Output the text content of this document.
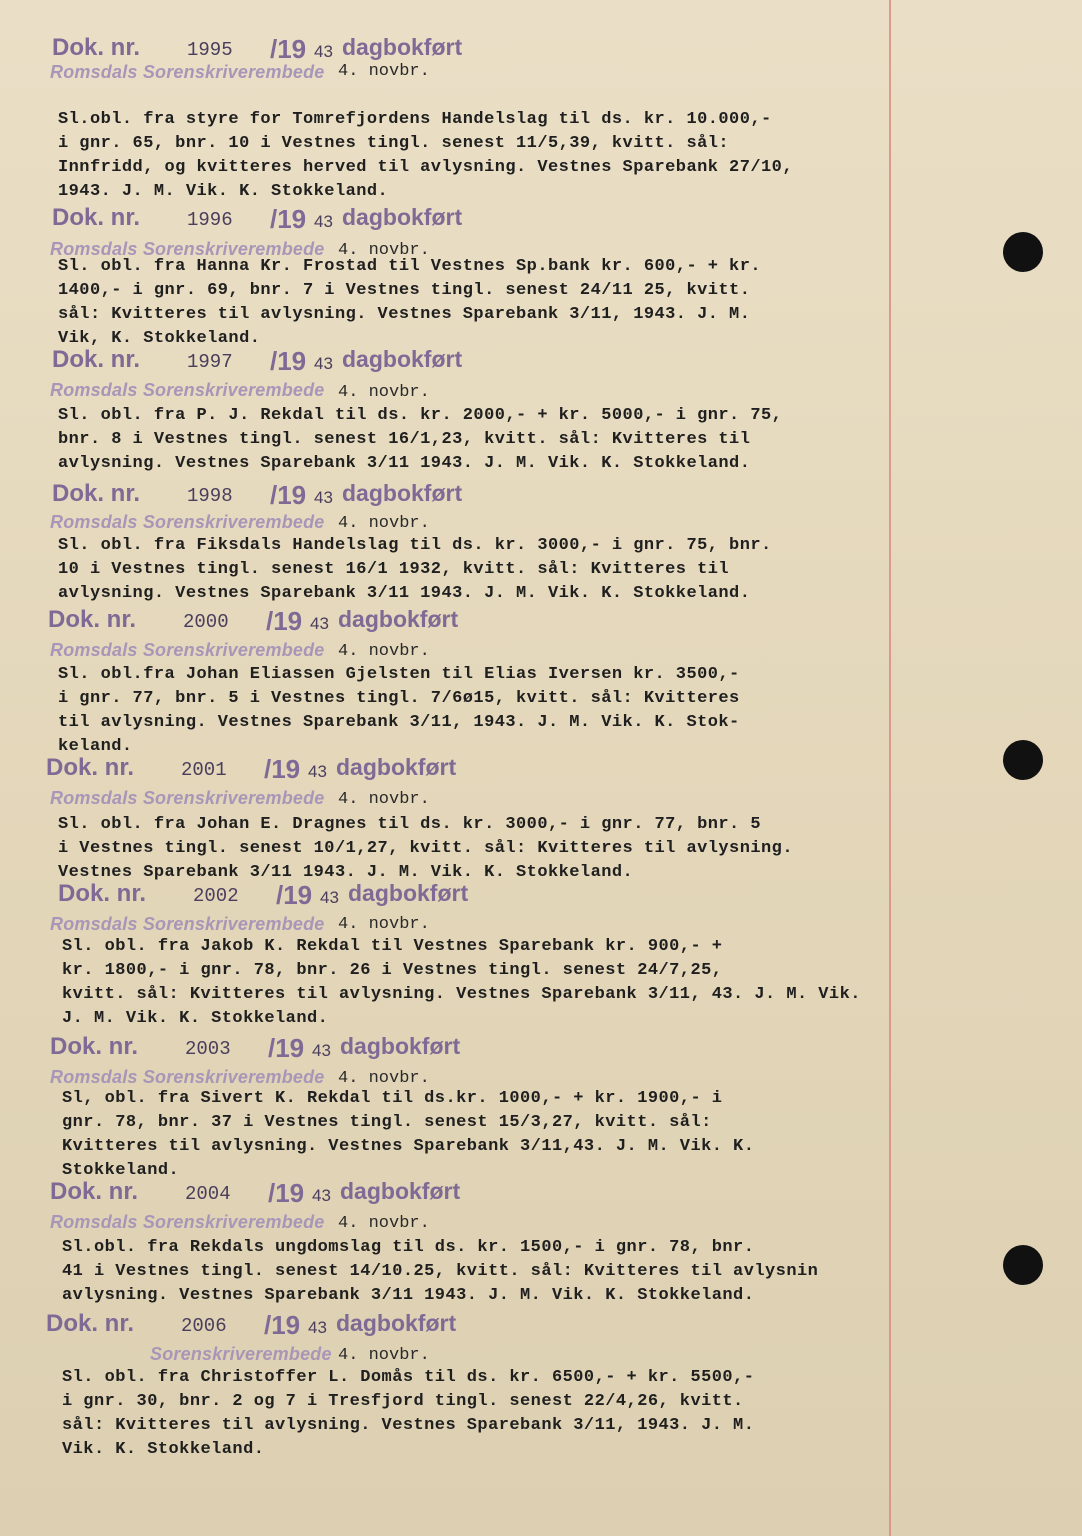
Dok. nr. 1995 /19 43 dagbokført
Romsdals Sorenskriverembede 4. novbr.
Sl.obl. fra styre for Tomrefjordens Handelslag til ds. kr. 10.000,-
i gnr. 65, bnr. 10 i Vestnes tingl. senest 11/5,39, kvitt. sål:
Innfridd, og kvitteres herved til avlysning. Vestnes Sparebank 27/10,
1943. J. M. Vik. K. Stokkeland.
Dok. nr. 1996 /19 43 dagbokført
Romsdals Sorenskriverembede 4. novbr.
Sl. obl. fra Hanna Kr. Frostad til Vestnes Sp.bank kr. 600,- + kr.
1400,- i gnr. 69, bnr. 7 i Vestnes tingl. senest 24/11 25, kvitt.
sål: Kvitteres til avlysning. Vestnes Sparebank 3/11, 1943. J. M.
Vik, K. Stokkeland.
Dok. nr. 1997 /19 43 dagbokført
Romsdals Sorenskriverembede 4. novbr.
Sl. obl. fra P. J. Rekdal til ds. kr. 2000,- + kr. 5000,- i gnr. 75,
bnr. 8 i Vestnes tingl. senest 16/1,23, kvitt. sål: Kvitteres til
avlysning. Vestnes Sparebank 3/11 1943. J. M. Vik. K. Stokkeland.
Dok. nr. 1998 /19 43 dagbokført
Romsdals Sorenskriverembede 4. novbr.
Sl. obl. fra Fiksdals Handelslag til ds. kr. 3000,- i gnr. 75, bnr.
10 i Vestnes tingl. senest 16/1 1932, kvitt. sål: Kvitteres til
avlysning. Vestnes Sparebank 3/11 1943. J. M. Vik. K. Stokkeland.
Dok. nr. 2000 /19 43 dagbokført
Romsdals Sorenskriverembede 4. novbr.
Sl. obl.fra Johan Eliassen Gjelsten til Elias Iversen kr. 3500,-
i gnr. 77, bnr. 5 i Vestnes tingl. 7/6ø15, kvitt. sål: Kvitteres
til avlysning. Vestnes Sparebank 3/11, 1943. J. M. Vik. K. Stok-
keland.
Dok. nr. 2001 /19 43 dagbokført
Romsdals Sorenskriverembede 4. novbr.
Sl. obl. fra Johan E. Dragnes til ds. kr. 3000,- i gnr. 77, bnr. 5
i Vestnes tingl. senest 10/1,27, kvitt. sål: Kvitteres til avlysning.
Vestnes Sparebank 3/11 1943. J. M. Vik. K. Stokkeland.
Dok. nr. 2002 /19 43 dagbokført
Romsdals Sorenskriverembede 4. novbr.
Sl. obl. fra Jakob K. Rekdal til Vestnes Sparebank kr. 900,- +
kr. 1800,- i gnr. 78, bnr. 26 i Vestnes tingl. senest 24/7,25,
kvitt. sål: Kvitteres til avlysning. Vestnes Sparebank 3/11, 43. J. M. Vik.
J. M. Vik. K. Stokkeland.
Dok. nr. 2003 /19 43 dagbokført
Romsdals Sorenskriverembede 4. novbr.
Sl, obl. fra Sivert K. Rekdal til ds.kr. 1000,- + kr. 1900,- i
gnr. 78, bnr. 37 i Vestnes tingl. senest 15/3,27, kvitt. sål:
Kvitteres til avlysning. Vestnes Sparebank 3/11,43. J. M. Vik. K.
Stokkeland.
Dok. nr. 2004 /19 43 dagbokført
Romsdals Sorenskriverembede 4. novbr.
Sl.obl. fra Rekdals ungdomslag til ds. kr. 1500,- i gnr. 78, bnr.
41 i Vestnes tingl. senest 14/10.25, kvitt. sål: Kvitteres til avlysnin
avlysning. Vestnes Sparebank 3/11 1943. J. M. Vik. K. Stokkeland.
Dok. nr. 2006 /19 43 dagbokført
Sorenskriverembede 4. novbr.
Sl. obl. fra Christoffer L. Domås til ds. kr. 6500,- + kr. 5500,-
i gnr. 30, bnr. 2 og 7 i Tresfjord tingl. senest 22/4,26, kvitt.
sål: Kvitteres til avlysning. Vestnes Sparebank 3/11, 1943. J. M.
Vik. K. Stokkeland.
